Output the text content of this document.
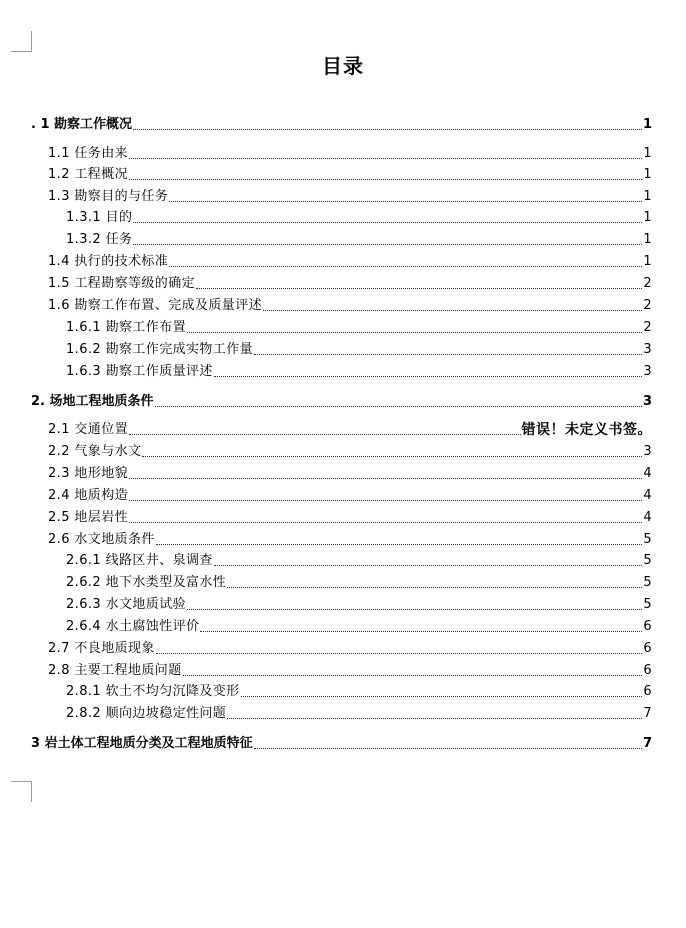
目录
. 1 勘察工作概况	1
1.1 任务由来	1
1.2 工程概况	1
1.3 勘察目的与任务	1
1.3.1 目的	1
1.3.2 任务	1
1.4 执行的技术标准	1
1.5 工程勘察等级的确定	2
1.6 勘察工作布置、完成及质量评述	2
1.6.1 勘察工作布置	2
1.6.2 勘察工作完成实物工作量	3
1.6.3 勘察工作质量评述	3
2. 场地工程地质条件	3
2.1 交通位置	错误！未定义书签。
2.2 气象与水文	3
2.3 地形地貌	4
2.4 地质构造	4
2.5 地层岩性	4
2.6 水文地质条件	5
2.6.1 线路区井、泉调查	5
2.6.2 地下水类型及富水性	5
2.6.3 水文地质试验	5
2.6.4 水土腐蚀性评价	6
2.7 不良地质现象	6
2.8 主要工程地质问题	6
2.8.1 软土不均匀沉降及变形	6
2.8.2 顺向边坡稳定性问题	7
3 岩土体工程地质分类及工程地质特征	7
